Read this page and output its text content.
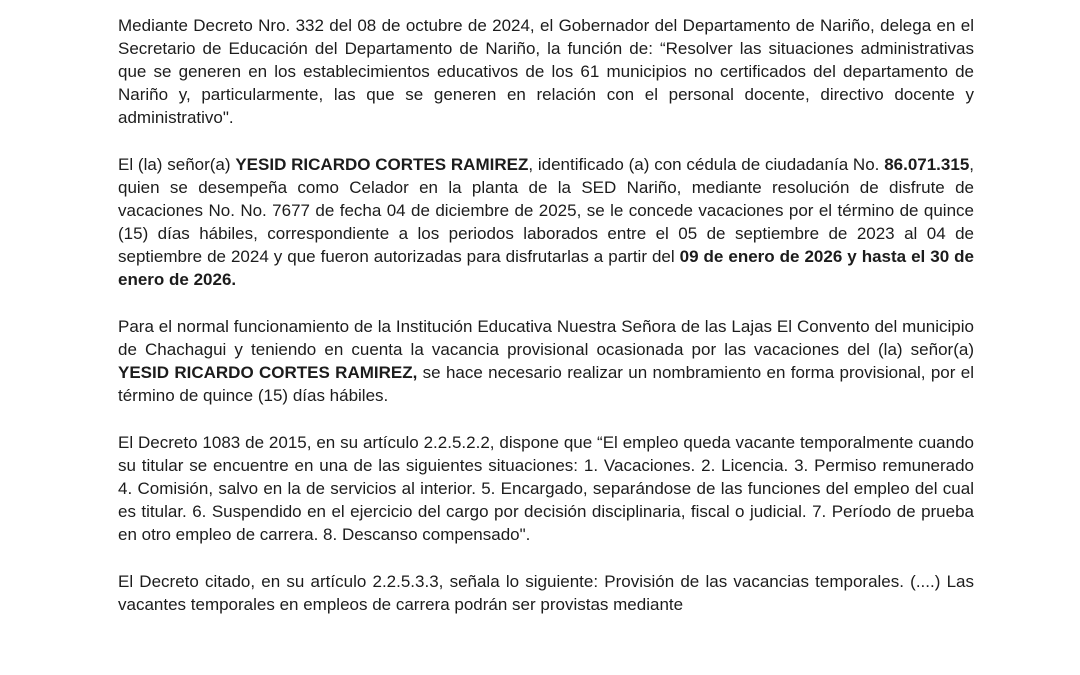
Mediante Decreto Nro. 332 del 08 de octubre de 2024, el Gobernador del Departamento de Nariño, delega en el Secretario de Educación del Departamento de Nariño, la función de: “Resolver las situaciones administrativas que se generen en los establecimientos educativos de los 61 municipios no certificados del departamento de Nariño y, particularmente, las que se generen en relación con el personal docente, directivo docente y administrativo".

El (la) señor(a) YESID RICARDO CORTES RAMIREZ, identificado (a) con cédula de ciudadanía No. 86.071.315, quien se desempeña como Celador en la planta de la SED Nariño, mediante resolución de disfrute de vacaciones No. No. 7677 de fecha 04 de diciembre de 2025, se le concede vacaciones por el término de quince (15) días hábiles, correspondiente a los periodos laborados entre el 05 de septiembre de 2023 al 04 de septiembre de 2024 y que fueron autorizadas para disfrutarlas a partir del 09 de enero de 2026 y hasta el 30 de enero de 2026.

Para el normal funcionamiento de la Institución Educativa Nuestra Señora de las Lajas El Convento del municipio de Chachagui y teniendo en cuenta la vacancia provisional ocasionada por las vacaciones del (la) señor(a) YESID RICARDO CORTES RAMIREZ, se hace necesario realizar un nombramiento en forma provisional, por el término de quince (15) días hábiles.

El Decreto 1083 de 2015, en su artículo 2.2.5.2.2, dispone que “El empleo queda vacante temporalmente cuando su titular se encuentre en una de las siguientes situaciones: 1. Vacaciones. 2. Licencia. 3. Permiso remunerado 4. Comisión, salvo en la de servicios al interior. 5. Encargado, separándose de las funciones del empleo del cual es titular. 6. Suspendido en el ejercicio del cargo por decisión disciplinaria, fiscal o judicial. 7. Período de prueba en otro empleo de carrera. 8. Descanso compensado".

El Decreto citado, en su artículo 2.2.5.3.3, señala lo siguiente: Provisión de las vacancias temporales. (....) Las vacantes temporales en empleos de carrera podrán ser provistas mediante
